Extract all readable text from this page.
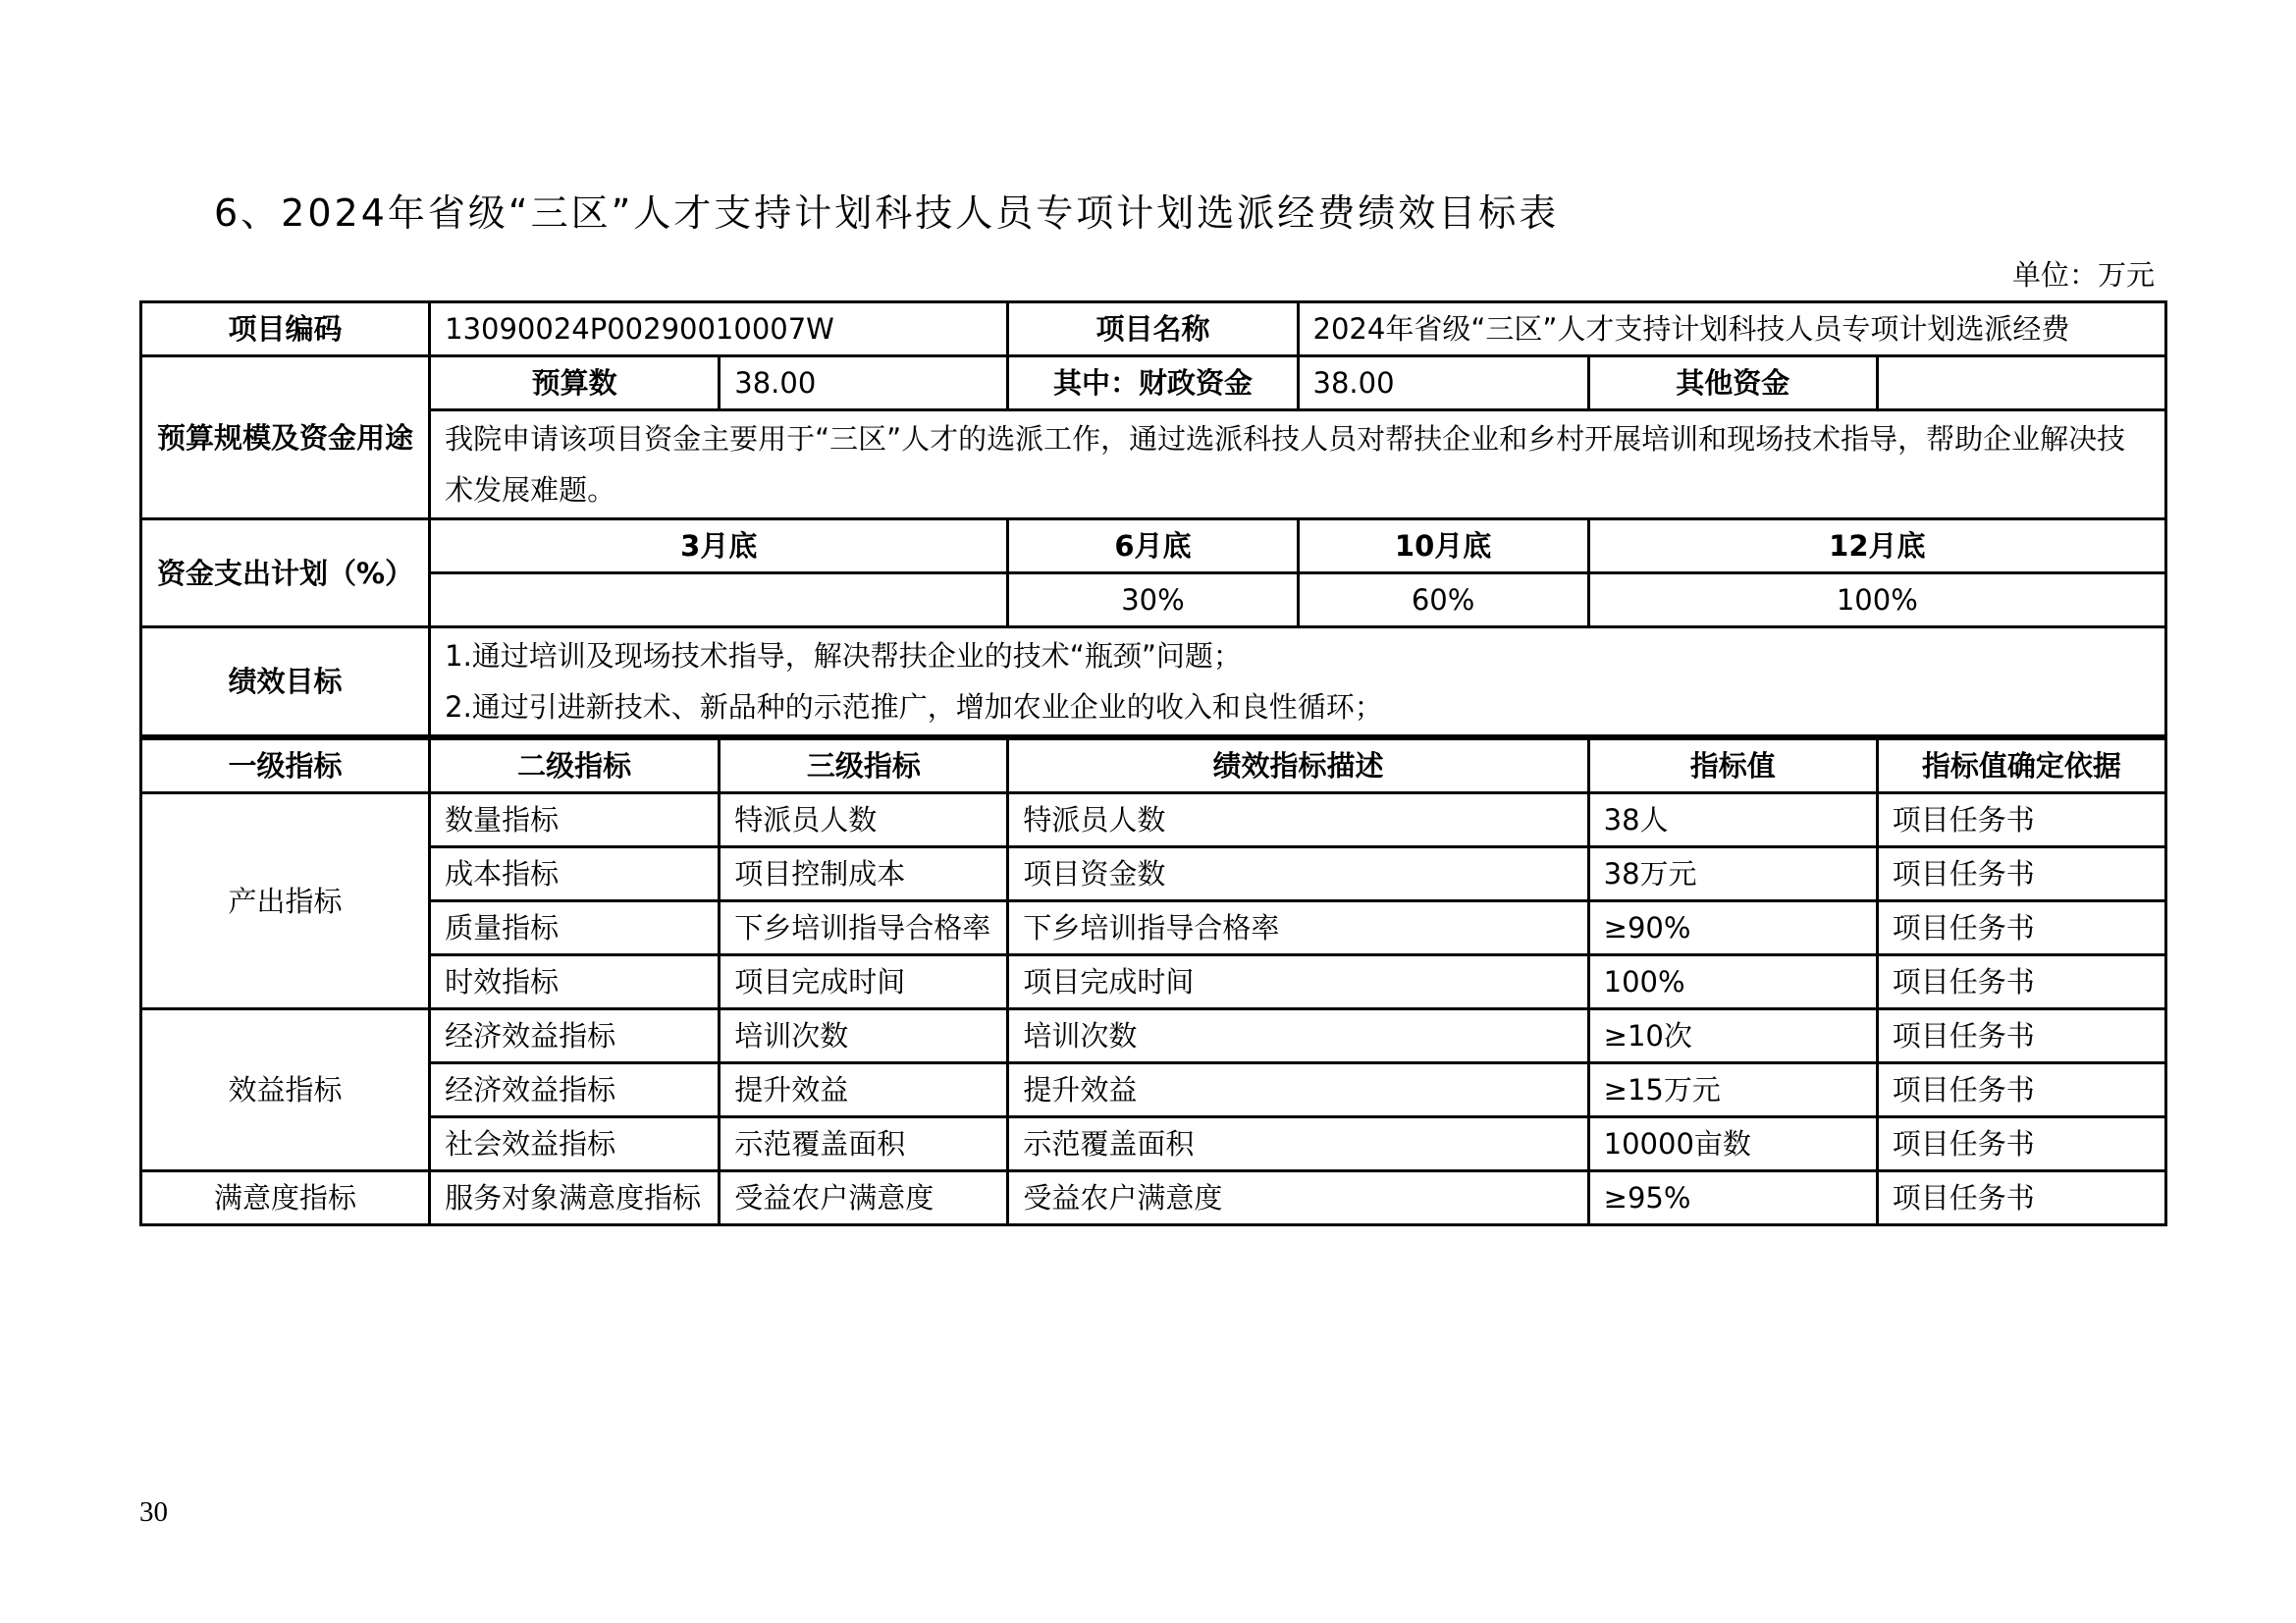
6、2024年省级“三区”人才支持计划科技人员专项计划选派经费绩效目标表
单位：万元
项目编码	13090024P00290010007W		项目名称	2024年省级“三区”人才支持计划科技人员专项计划选派经费		
预算规模及资金用途	预算数	38.00	其中：财政资金	38.00	其他资金	
	我院申请该项目资金主要用于“三区”人才的选派工作，通过选派科技人员对帮扶企业和乡村开展培训和现场技术指导，帮助企业解决技术发展难题。					
资金支出计划（%）	3月底		6月底	10月底	12月底	
			30%	60%	100%	
绩效目标	1.通过培训及现场技术指导，解决帮扶企业的技术“瓶颈”问题；
2.通过引进新技术、新品种的示范推广，增加农业企业的收入和良性循环；					

一级指标	二级指标	三级指标	绩效指标描述		指标值	指标值确定依据
产出指标	数量指标	特派员人数	特派员人数		38人	项目任务书
	成本指标	项目控制成本	项目资金数		38万元	项目任务书
	质量指标	下乡培训指导合格率	下乡培训指导合格率		≥90%	项目任务书
	时效指标	项目完成时间	项目完成时间		100%	项目任务书
效益指标	经济效益指标	培训次数	培训次数		≥10次	项目任务书
	经济效益指标	提升效益	提升效益		≥15万元	项目任务书
	社会效益指标	示范覆盖面积	示范覆盖面积		10000亩数	项目任务书
满意度指标	服务对象满意度指标	受益农户满意度	受益农户满意度		≥95%	项目任务书
30
